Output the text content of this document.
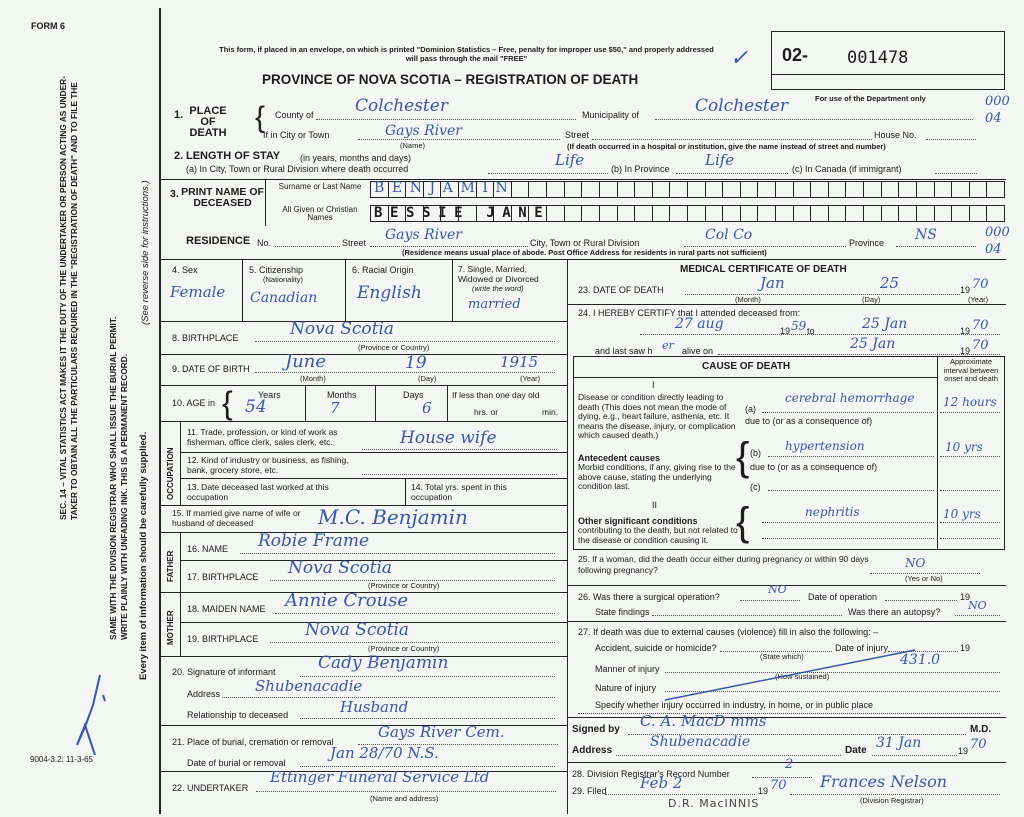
FORM 6
SEC. 14 – VITAL STATISTICS ACT MAKES IT THE DUTY OF THE UNDERTAKER OR PERSON ACTING AS UNDER- TAKER TO OBTAIN ALL THE PARTICULARS REQUIRED IN THE "REGISTRATION OF DEATH" AND TO FILE THE	SAME WITH THE DIVISION REGISTRAR WHO SHALL ISSUE THE BURIAL PERMIT. WRITE PLAINLY WITH UNFADING INK. THIS IS A PERMANENT RECORD. Every item of information should be carefully supplied.
(See reverse side for instructions.)
9004-3.2: 11-3-65
This form, if placed in an envelope, on which is printed "Dominion Statistics – Free, penalty for improper use $50," and properly addressed will pass through the mail "FREE"
PROVINCE OF NOVA SCOTIA – REGISTRATION OF DEATH
✓ 02- 001478
For use of the Department only	000
04
1. PLACE OF DEATH { County of Colchester	Municipality of	Colchester
If in City or Town	Gays River
(Name)
Street	House No.
(If death occurred in a hospital or institution, give the name instead of street and number)
2. LENGTH OF STAY (in years, months and days)
(a) In City, Town or Rural Division where death occurred	Life	(b) In Province Life	(c) In Canada (if immigrant)
3. PRINT NAME OF DECEASED
Surname or Last Name
All Given or Christian Names
BENJAMIN
BESSIE JANE
RESIDENCE No.	Street Gays River	City, Town or Rural Division	Col Co	Province NS	000
04
(Residence means usual place of abode. Post Office Address for residents in rural parts not sufficient)
4. Sex
Female
5. Citizenship
(Nationality)
Canadian
6. Racial Origin
English
7. Single, Married, Widowed or Divorced
(write the word)
married
8. BIRTHPLACE	Nova Scotia
(Province or Country)
9. DATE OF BIRTH June	19	1915
(Month)	(Day)	(Year)
10. AGE in {	Years	Months	Days
54	7	6
If less than one day old
hrs. or	min.
OCCUPATION
11. Trade, profession, or kind of work as fisherman, office clerk, sales clerk, etc.	House wife
12. Kind of industry or business, as fishing, bank, grocery store, etc.
13. Date deceased last worked at this occupation
14. Total yrs. spent in this occupation
15. If married give name of wife or husband of deceased	M.C. Benjamin
FATHER
16. NAME Robie Frame
17. BIRTHPLACE Nova Scotia
(Province or Country)
MOTHER
18. MAIDEN NAME Annie Crouse
19. BIRTHPLACE	Nova Scotia
(Province or Country)
20. Signature of informant Cady Benjamin
Address Shubenacadie
Relationship to deceased	Husband
21. Place of burial, cremation or removal
Gays River Cem.
Date of burial or removal
Jan 28/70 N.S.
22. UNDERTAKER
Ettinger Funeral Service Ltd
(Name and address)
MEDICAL CERTIFICATE OF DEATH
23. DATE OF DEATH	Jan	25	19 70
(Month)	(Day)	(Year)
24. I HEREBY CERTIFY that I attended deceased from:
27 aug	19 59 to	25 Jan	19 70
and last saw h er alive on	25 Jan	19 70
CAUSE OF DEATH	Approximate interval between onset and death
I
Disease or condition directly leading to death (This does not mean the mode of dying, e.g., heart failure, asthenia, etc. It means the disease, injury, or complication which caused death.)
(a)
cerebral hemorrhage 12 hours
due to (or as a consequence of)
{
Antecedent causes
Morbid conditions, if any, giving rise to the above cause, stating the underlying condition last.
(b) hypertension	10 yrs
due to (or as a consequence of)
(c)
II {
Other significant conditions
contributing to the death, but not related to the disease or condition causing it.
nephritis	10 yrs
25. If a woman, did the death occur either during pregnancy or within 90 days following pregnancy?	NO
(Yes or No)
26. Was there a surgical operation?
NO
Date of operation	19
State findings	Was there an autopsy?	NO
27. If death was due to external causes (violence) fill in also the following: –
Accident, suicide or homicide?	Date of injury	19
(State which)	431.0
Manner of injury
(How sustained)
Nature of injury
Specify whether injury occurred in industry, in home, or in public place
Signed by C. A. MacD mms	M.D.
Address
Shubenacadie
Date 31 Jan	19 70
28. Division Registrar's Record Number
2
29. Filed Feb 2	19 70 Frances Nelson
(Division Registrar)
D.R. MacINNIS
